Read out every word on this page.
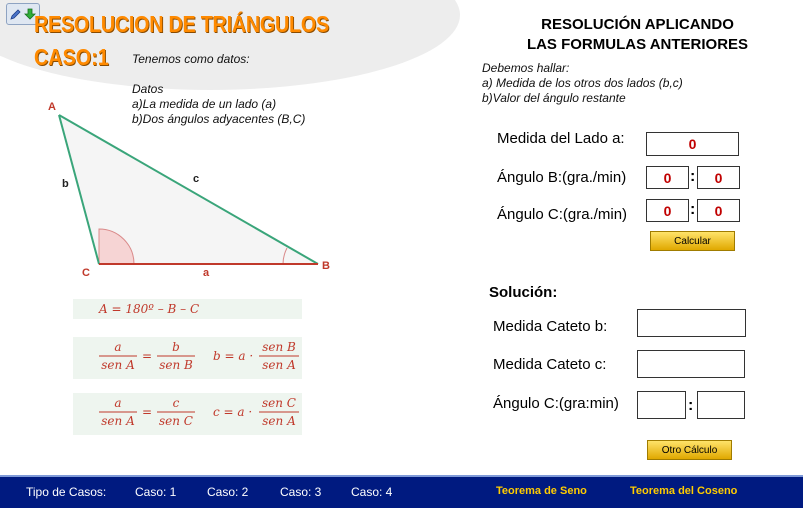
RESOLUCION DE TRIÁNGULOS
CASO:1 Tenemos como datos:
Datos
a)La medida de un lado (a)
b)Dos ángulos adyacentes (B,C)
A
B
C	a
b	c
A = 180º – B – C
a
sen A
=
b
sen B
b = a ·
sen B
sen A
a
sen A
=
c
sen C
c = a ·
sen C
sen A
RESOLUCIÓN APLICANDO
LAS FORMULAS ANTERIORES
Debemos hallar:
a) Medida de los otros dos lados (b,c)
b)Valor del ángulo restante
Medida del Lado a:	0
Ángulo B:(gra./min)	0	:	0
Ángulo C:(gra./min)	0	:	0
Calcular
Solución:
Medida Cateto b:
Medida Cateto c:
Ángulo C:(gra:min)	:
Otro Cálculo
Tipo de Casos: Caso: 1	Caso: 2	Caso: 3 Caso: 4	Teorema de Seno	Teorema del Coseno
